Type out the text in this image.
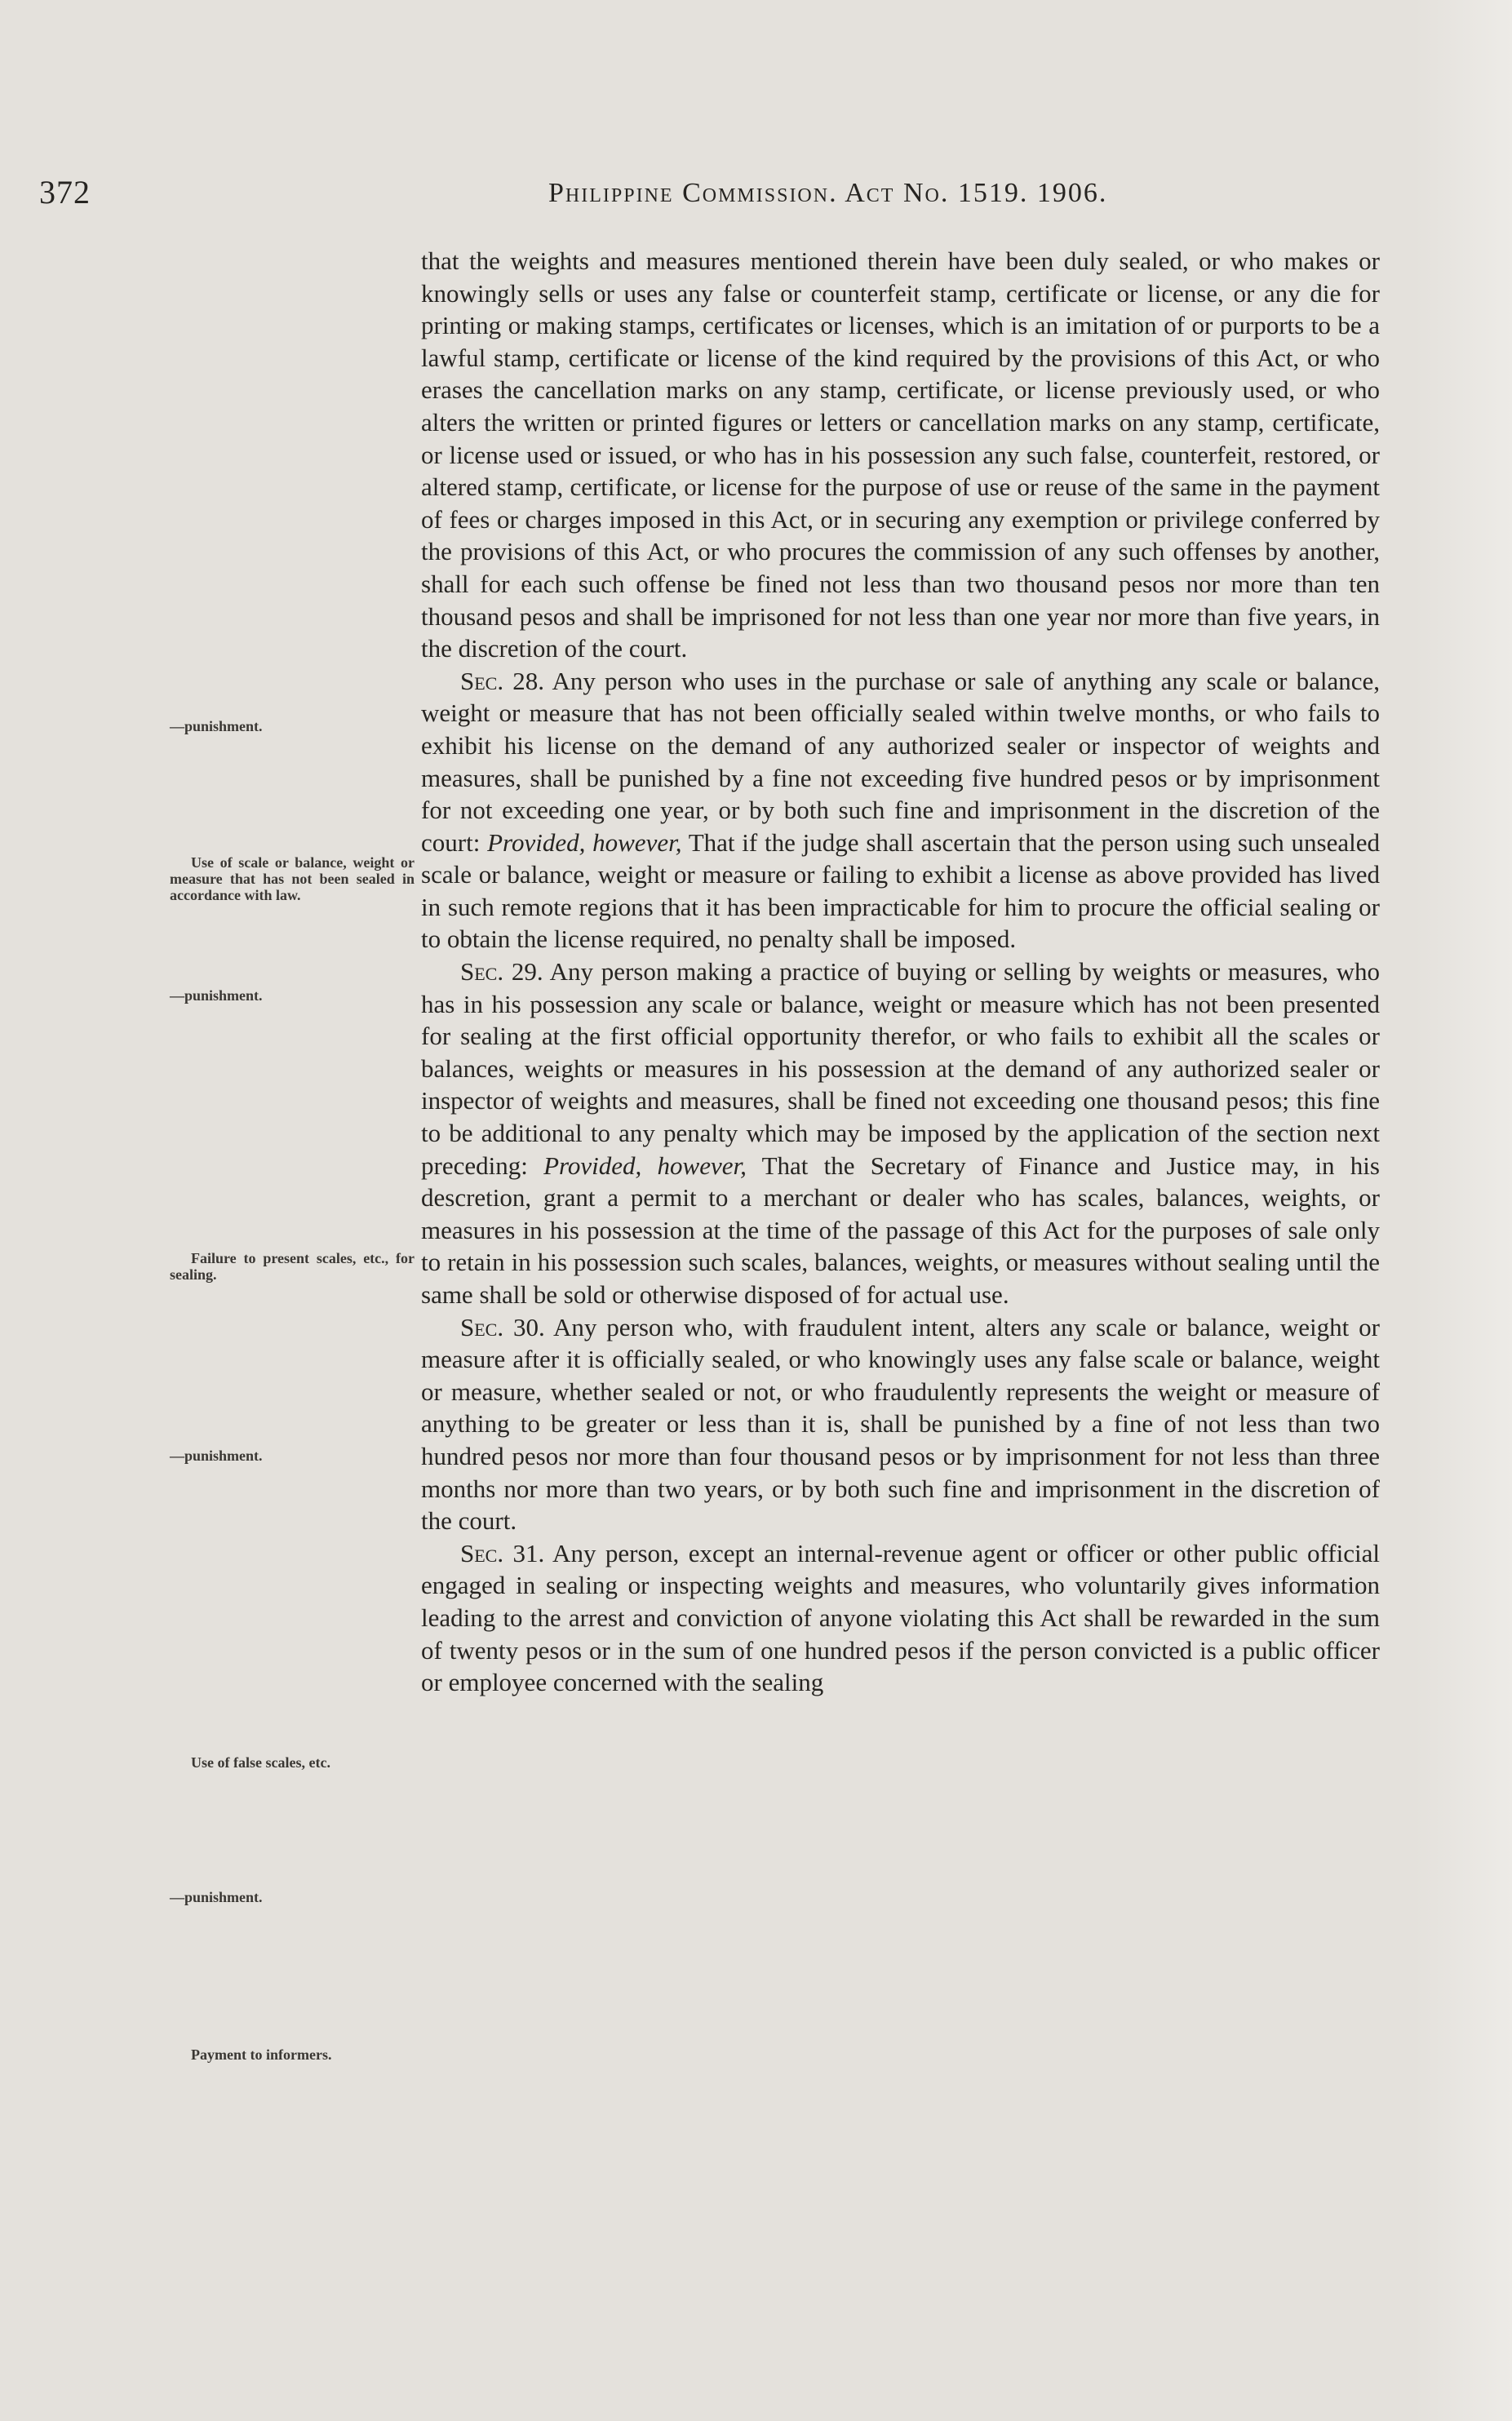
372	Philippine Commission. Act No. 1519. 1906.
—punishment.
Use of scale or balance, weight or measure that has not been sealed in accordance with law.
—punishment.
Failure to present scales, etc., for sealing.
—punishment.
Use of false scales, etc.
—punishment.
Payment to informers.

that the weights and measures mentioned therein have been duly sealed, or who makes or knowingly sells or uses any false or counterfeit stamp, certificate or license, or any die for printing or making stamps, certificates or licenses, which is an imitation of or purports to be a lawful stamp, certificate or license of the kind required by the provisions of this Act, or who erases the cancellation marks on any stamp, certificate, or license previously used, or who alters the written or printed figures or letters or cancellation marks on any stamp, certificate, or license used or issued, or who has in his possession any such false, counterfeit, restored, or altered stamp, certificate, or license for the purpose of use or reuse of the same in the payment of fees or charges imposed in this Act, or in securing any exemption or privilege conferred by the provisions of this Act, or who procures the commission of any such offenses by another, shall for each such offense be fined not less than two thousand pesos nor more than ten thousand pesos and shall be imprisoned for not less than one year nor more than five years, in the discretion of the court.

Sec. 28. Any person who uses in the purchase or sale of anything any scale or balance, weight or measure that has not been officially sealed within twelve months, or who fails to exhibit his license on the demand of any authorized sealer or inspector of weights and measures, shall be punished by a fine not exceeding five hundred pesos or by imprisonment for not exceeding one year, or by both such fine and imprisonment in the discretion of the court: Provided, however, That if the judge shall ascertain that the person using such unsealed scale or balance, weight or measure or failing to exhibit a license as above provided has lived in such remote regions that it has been impracticable for him to procure the official sealing or to obtain the license required, no penalty shall be imposed.

Sec. 29. Any person making a practice of buying or selling by weights or measures, who has in his possession any scale or balance, weight or measure which has not been presented for sealing at the first official opportunity therefor, or who fails to exhibit all the scales or balances, weights or measures in his possession at the demand of any authorized sealer or inspector of weights and measures, shall be fined not exceeding one thousand pesos; this fine to be additional to any penalty which may be imposed by the application of the section next preceding: Provided, however, That the Secretary of Finance and Justice may, in his descretion, grant a permit to a merchant or dealer who has scales, balances, weights, or measures in his possession at the time of the passage of this Act for the purposes of sale only to retain in his possession such scales, balances, weights, or measures without sealing until the same shall be sold or otherwise disposed of for actual use.

Sec. 30. Any person who, with fraudulent intent, alters any scale or balance, weight or measure after it is officially sealed, or who knowingly uses any false scale or balance, weight or measure, whether sealed or not, or who fraudulently represents the weight or measure of anything to be greater or less than it is, shall be punished by a fine of not less than two hundred pesos nor more than four thousand pesos or by imprisonment for not less than three months nor more than two years, or by both such fine and imprisonment in the discretion of the court.

Sec. 31. Any person, except an internal-revenue agent or officer or other public official engaged in sealing or inspecting weights and measures, who voluntarily gives information leading to the arrest and conviction of anyone violating this Act shall be rewarded in the sum of twenty pesos or in the sum of one hundred pesos if the person convicted is a public officer or employee concerned with the sealing
